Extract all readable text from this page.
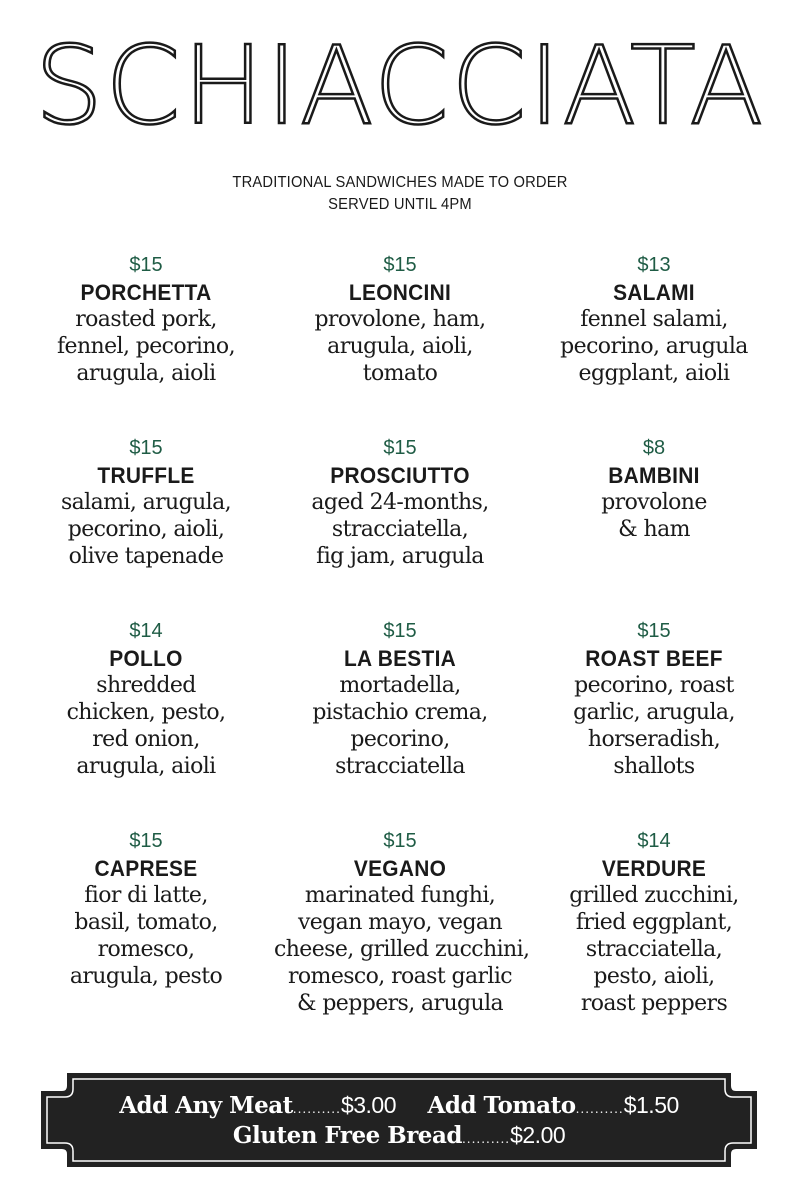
SCHIACCIATA
TRADITIONAL SANDWICHES MADE TO ORDER
SERVED UNTIL 4PM
$15
PORCHETTA
roasted pork,
fennel, pecorino,
arugula, aioli
$15
LEONCINI
provolone, ham,
arugula, aioli,
tomato
$13
SALAMI
fennel salami,
pecorino, arugula
eggplant, aioli
$15
TRUFFLE
salami, arugula,
pecorino, aioli,
olive tapenade
$15
PROSCIUTTO
aged 24-months,
stracciatella,
fig jam, arugula
$8
BAMBINI
provolone
& ham
$14
POLLO
shredded
chicken, pesto,
red onion,
arugula, aioli
$15
LA BESTIA
mortadella,
pistachio crema,
pecorino,
stracciatella
$15
ROAST BEEF
pecorino, roast
garlic, arugula,
horseradish,
shallots
$15
CAPRESE
fior di latte,
basil, tomato,
romesco,
arugula, pesto
$15
VEGANO
marinated funghi,
vegan mayo, vegan
cheese, grilled zucchini,
romesco, roast garlic
& peppers, arugula
$14
VERDURE
grilled zucchini,
fried eggplant,
stracciatella,
pesto, aioli,
roast peppers
Add Any Meat..........$3.00 Add Tomato..........$1.50
Gluten Free Bread..........$2.00
